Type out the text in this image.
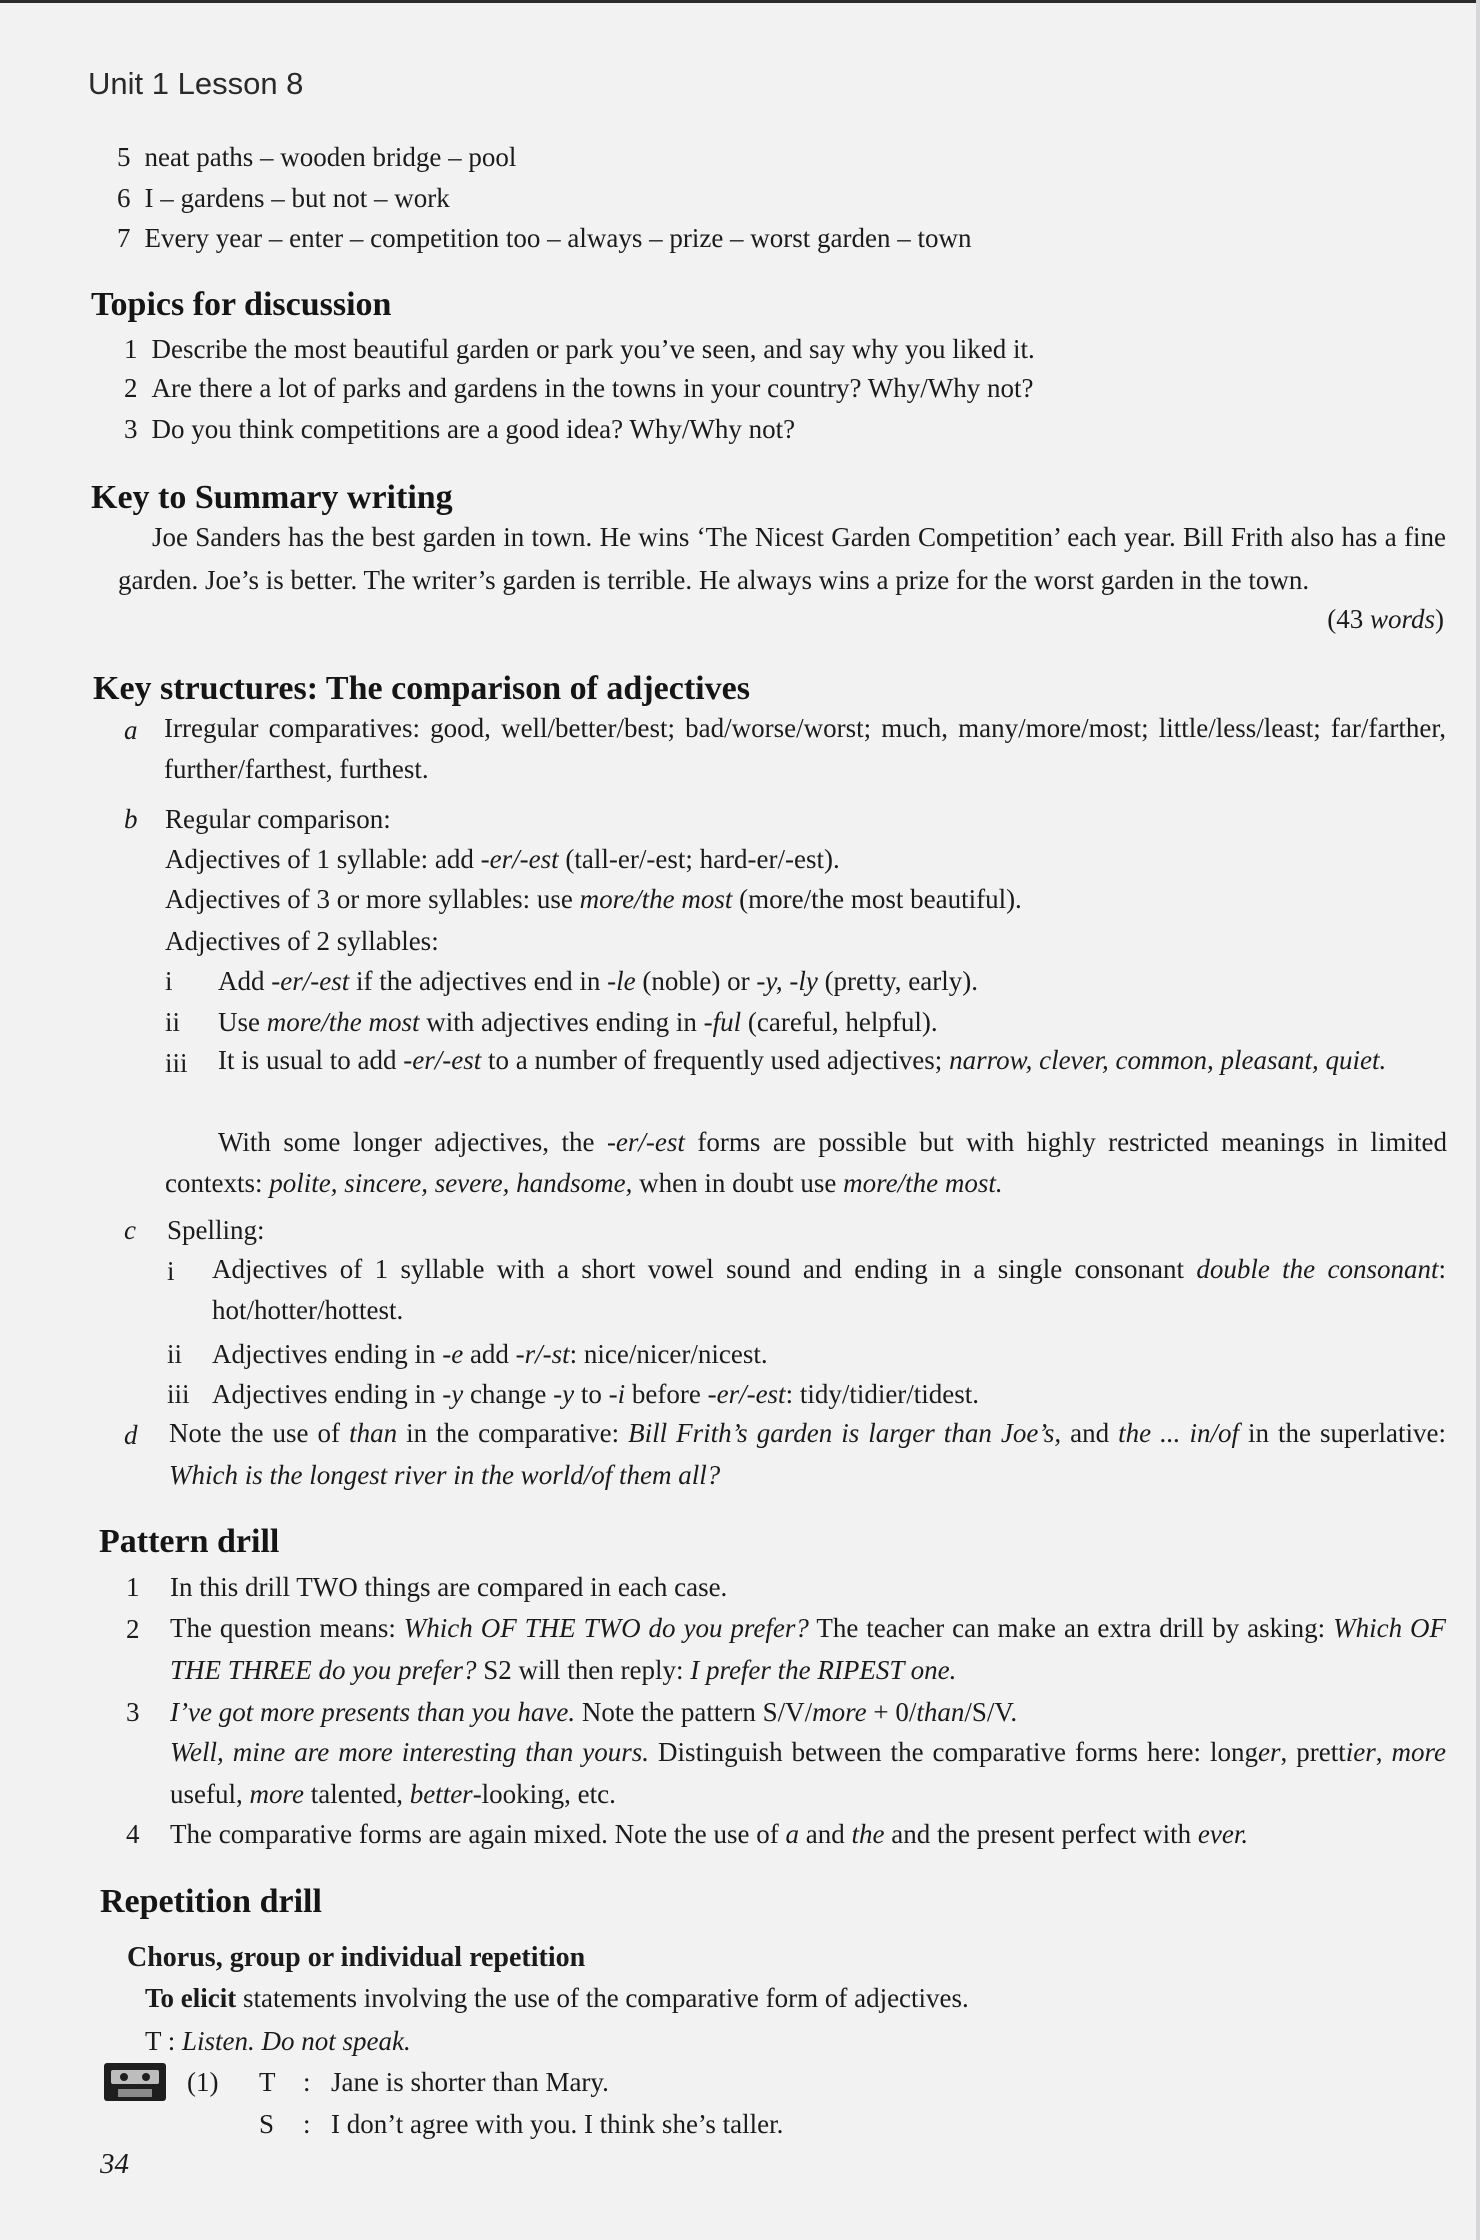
Unit 1 Lesson 8
5 neat paths – wooden bridge – pool
6 I – gardens – but not – work
7 Every year – enter – competition too – always – prize – worst garden – town
Topics for discussion
1 Describe the most beautiful garden or park you’ve seen, and say why you liked it.
2 Are there a lot of parks and gardens in the towns in your country? Why/Why not?
3 Do you think competitions are a good idea? Why/Why not?
Key to Summary writing
Joe Sanders has the best garden in town. He wins ‘The Nicest Garden Competition’ each year. Bill Frith also has a fine garden. Joe’s is better. The writer’s garden is terrible. He always wins a prize for the worst garden in the town.
(43 words)
Key structures: The comparison of adjectives
a Irregular comparatives: good, well/better/best; bad/worse/worst; much, many/more/most; little/less/least; far/farther, further/farthest, furthest.
b Regular comparison:
Adjectives of 1 syllable: add -er/-est (tall-er/-est; hard-er/-est).
Adjectives of 3 or more syllables: use more/the most (more/the most beautiful).
Adjectives of 2 syllables:
i Add -er/-est if the adjectives end in -le (noble) or -y, -ly (pretty, early).
ii Use more/the most with adjectives ending in -ful (careful, helpful).
iii	It is usual to add -er/-est to a number of frequently used adjectives; narrow, clever, common, pleasant, quiet.
With some longer adjectives, the -er/-est forms are possible but with highly restricted meanings in limited contexts: polite, sincere, severe, handsome, when in doubt use more/the most.
c Spelling:
i Adjectives of 1 syllable with a short vowel sound and ending in a single consonant double the consonant: hot/hotter/hottest.
ii Adjectives ending in -e add -r/-st: nice/nicer/nicest.
iii Adjectives ending in -y change -y to -i before -er/-est: tidy/tidier/tidest.
d Note the use of than in the comparative: Bill Frith’s garden is larger than Joe’s, and the ... in/of in the superlative: Which is the longest river in the world/of them all?
Pattern drill
1 In this drill TWO things are compared in each case.
2 The question means: Which OF THE TWO do you prefer? The teacher can make an extra drill by asking: Which OF THE THREE do you prefer? S2 will then reply: I prefer the RIPEST one.
3 I’ve got more presents than you have. Note the pattern S/V/more + 0/than/S/V.
Well, mine are more interesting than yours. Distinguish between the comparative forms here: longer, prettier, more useful, more talented, better-looking, etc.
4 The comparative forms are again mixed. Note the use of a and the and the present perfect with ever.
Repetition drill
Chorus, group or individual repetition
To elicit statements involving the use of the comparative form of adjectives.
T : Listen. Do not speak.
(1) T : Jane is shorter than Mary.
S : I don’t agree with you. I think she’s taller.
34
